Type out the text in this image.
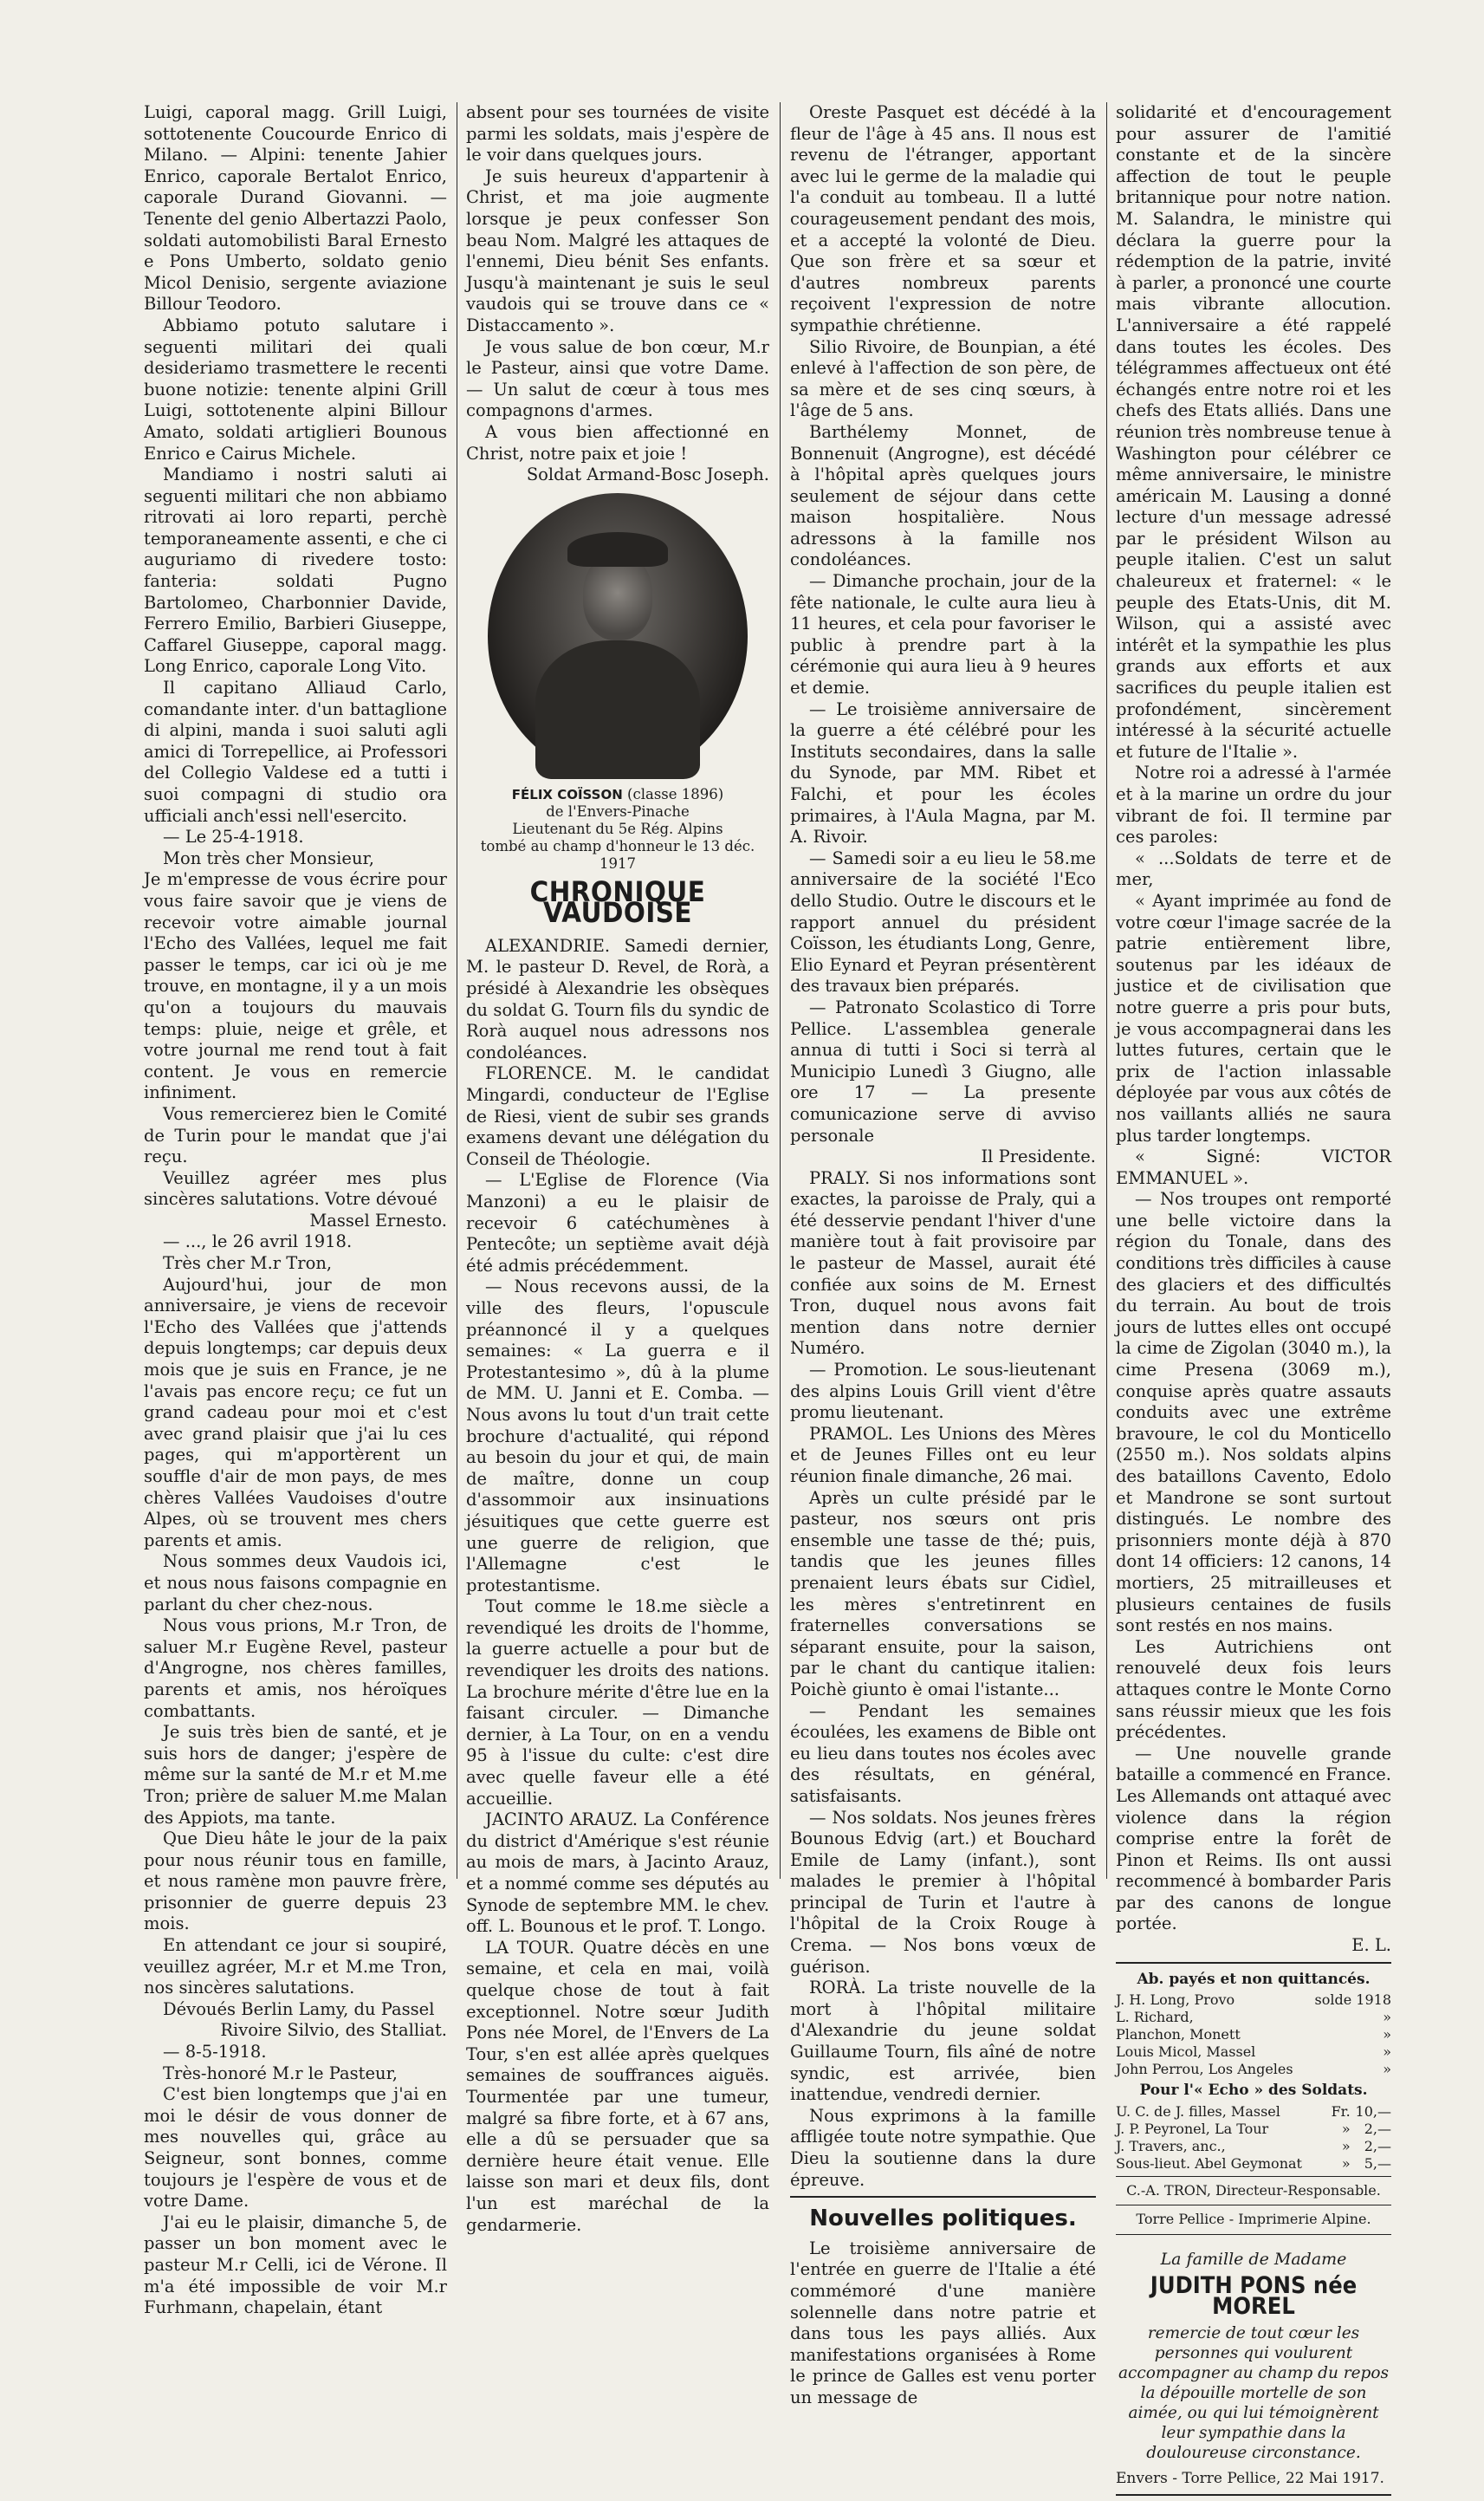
Luigi, caporal magg. Grill Luigi, sottotenente Coucourde Enrico di Milano. — Alpini: tenente Jahier Enrico, caporale Bertalot Enrico, caporale Durand Giovanni. — Tenente del genio Albertazzi Paolo, soldati automobilisti Baral Ernesto e Pons Umberto, soldato genio Micol Denisio, sergente aviazione Billour Teodoro.

Abbiamo potuto salutare i seguenti militari dei quali desideriamo trasmettere le recenti buone notizie: tenente alpini Grill Luigi, sottotenente alpini Billour Amato, soldati artiglieri Bounous Enrico e Cairus Michele.

Mandiamo i nostri saluti ai seguenti militari che non abbiamo ritrovati ai loro reparti, perchè temporaneamente assenti, e che ci auguriamo di rivedere tosto: fanteria: soldati Pugno Bartolomeo, Charbonnier Davide, Ferrero Emilio, Barbieri Giuseppe, Caffarel Giuseppe, caporal magg. Long Enrico, caporale Long Vito.

Il capitano Alliaud Carlo, comandante inter. d'un battaglione di alpini, manda i suoi saluti agli amici di Torrepellice, ai Professori del Collegio Valdese ed a tutti i suoi compagni di studio ora ufficiali anch'essi nell'esercito.

— Le 25-4-1918.

Mon très cher Monsieur,

Je m'empresse de vous écrire pour vous faire savoir que je viens de recevoir votre aimable journal l'Echo des Vallées, lequel me fait passer le temps, car ici où je me trouve, en montagne, il y a un mois qu'on a toujours du mauvais temps: pluie, neige et grêle, et votre journal me rend tout à fait content. Je vous en remercie infiniment.

Vous remercierez bien le Comité de Turin pour le mandat que j'ai reçu.

Veuillez agréer mes plus sincères salutations. Votre dévoué

Massel Ernesto.

— ..., le 26 avril 1918.

Très cher M.r Tron,

Aujourd'hui, jour de mon anniversaire, je viens de recevoir l'Echo des Vallées que j'attends depuis longtemps; car depuis deux mois que je suis en France, je ne l'avais pas encore reçu; ce fut un grand cadeau pour moi et c'est avec grand plaisir que j'ai lu ces pages, qui m'apportèrent un souffle d'air de mon pays, de mes chères Vallées Vaudoises d'outre Alpes, où se trouvent mes chers parents et amis.

Nous sommes deux Vaudois ici, et nous nous faisons compagnie en parlant du cher chez-nous.

Nous vous prions, M.r Tron, de saluer M.r Eugène Revel, pasteur d'Angrogne, nos chères familles, parents et amis, nos héroïques combattants.

Je suis très bien de santé, et je suis hors de danger; j'espère de même sur la santé de M.r et M.me Tron; prière de saluer M.me Malan des Appiots, ma tante.

Que Dieu hâte le jour de la paix pour nous réunir tous en famille, et nous ramène mon pauvre frère, prisonnier de guerre depuis 23 mois.

En attendant ce jour si soupiré, veuillez agréer, M.r et M.me Tron, nos sincères salutations.

Dévoués Berlin Lamy, du Passel

Rivoire Silvio, des Stalliat.

— 8-5-1918.

Très-honoré M.r le Pasteur,

C'est bien longtemps que j'ai en moi le désir de vous donner de mes nouvelles qui, grâce au Seigneur, sont bonnes, comme toujours je l'espère de vous et de votre Dame.

J'ai eu le plaisir, dimanche 5, de passer un bon moment avec le pasteur M.r Celli, ici de Vérone. Il m'a été impossible de voir M.r Furhmann, chapelain, étant

absent pour ses tournées de visite parmi les soldats, mais j'espère de le voir dans quelques jours.

Je suis heureux d'appartenir à Christ, et ma joie augmente lorsque je peux confesser Son beau Nom. Malgré les attaques de l'ennemi, Dieu bénit Ses enfants. Jusqu'à maintenant je suis le seul vaudois qui se trouve dans ce « Distaccamento ».

Je vous salue de bon cœur, M.r le Pasteur, ainsi que votre Dame. — Un salut de cœur à tous mes compagnons d'armes.

A vous bien affectionné en Christ, notre paix et joie !

Soldat Armand-Bosc Joseph.

FÉLIX COÏSSON (classe 1896)
de l'Envers-Pinache
Lieutenant du 5e Rég. Alpins
tombé au champ d'honneur le 13 déc. 1917
CHRONIQUE VAUDOISE

ALEXANDRIE. Samedi dernier, M. le pasteur D. Revel, de Rorà, a présidé à Alexandrie les obsèques du soldat G. Tourn fils du syndic de Rorà auquel nous adressons nos condoléances.

FLORENCE. M. le candidat Mingardi, conducteur de l'Eglise de Riesi, vient de subir ses grands examens devant une délégation du Conseil de Théologie.

— L'Eglise de Florence (Via Manzoni) a eu le plaisir de recevoir 6 catéchumènes à Pentecôte; un septième avait déjà été admis précédemment.

— Nous recevons aussi, de la ville des fleurs, l'opuscule préannoncé il y a quelques semaines: « La guerra e il Protestantesimo », dû à la plume de MM. U. Janni et E. Comba. — Nous avons lu tout d'un trait cette brochure d'actualité, qui répond au besoin du jour et qui, de main de maître, donne un coup d'assommoir aux insinuations jésuitiques que cette guerre est une guerre de religion, que l'Allemagne c'est le protestantisme.

Tout comme le 18.me siècle a revendiqué les droits de l'homme, la guerre actuelle a pour but de revendiquer les droits des nations. La brochure mérite d'être lue en la faisant circuler. — Dimanche dernier, à La Tour, on en a vendu 95 à l'issue du culte: c'est dire avec quelle faveur elle a été accueillie.

JACINTO ARAUZ. La Conférence du district d'Amérique s'est réunie au mois de mars, à Jacinto Arauz, et a nommé comme ses députés au Synode de septembre MM. le chev. off. L. Bounous et le prof. T. Longo.

LA TOUR. Quatre décès en une semaine, et cela en mai, voilà quelque chose de tout à fait exceptionnel. Notre sœur Judith Pons née Morel, de l'Envers de La Tour, s'en est allée après quelques semaines de souffrances aiguës. Tourmentée par une tumeur, malgré sa fibre forte, et à 67 ans, elle a dû se persuader que sa dernière heure était venue. Elle laisse son mari et deux fils, dont l'un est maréchal de la gendarmerie.

Oreste Pasquet est décédé à la fleur de l'âge à 45 ans. Il nous est revenu de l'étranger, apportant avec lui le germe de la maladie qui l'a conduit au tombeau. Il a lutté courageusement pendant des mois, et a accepté la volonté de Dieu. Que son frère et sa sœur et d'autres nombreux parents reçoivent l'expression de notre sympathie chrétienne.

Silio Rivoire, de Bounpian, a été enlevé à l'affection de son père, de sa mère et de ses cinq sœurs, à l'âge de 5 ans.

Barthélemy Monnet, de Bonnenuit (Angrogne), est décédé à l'hôpital après quelques jours seulement de séjour dans cette maison hospitalière. Nous adressons à la famille nos condoléances.

— Dimanche prochain, jour de la fête nationale, le culte aura lieu à 11 heures, et cela pour favoriser le public à prendre part à la cérémonie qui aura lieu à 9 heures et demie.

— Le troisième anniversaire de la guerre a été célébré pour les Instituts secondaires, dans la salle du Synode, par MM. Ribet et Falchi, et pour les écoles primaires, à l'Aula Magna, par M. A. Rivoir.

— Samedi soir a eu lieu le 58.me anniversaire de la société l'Eco dello Studio. Outre le discours et le rapport annuel du président Coïsson, les étudiants Long, Genre, Elio Eynard et Peyran présentèrent des travaux bien préparés.

— Patronato Scolastico di Torre Pellice. L'assemblea generale annua di tutti i Soci si terrà al Municipio Lunedì 3 Giugno, alle ore 17 — La presente comunicazione serve di avviso personale

Il Presidente.

PRALY. Si nos informations sont exactes, la paroisse de Praly, qui a été desservie pendant l'hiver d'une manière tout à fait provisoire par le pasteur de Massel, aurait été confiée aux soins de M. Ernest Tron, duquel nous avons fait mention dans notre dernier Numéro.

— Promotion. Le sous-lieutenant des alpins Louis Grill vient d'être promu lieutenant.

PRAMOL. Les Unions des Mères et de Jeunes Filles ont eu leur réunion finale dimanche, 26 mai.

Après un culte présidé par le pasteur, nos sœurs ont pris ensemble une tasse de thé; puis, tandis que les jeunes filles prenaient leurs ébats sur Cidìel, les mères s'entretinrent en fraternelles conversations se séparant ensuite, pour la saison, par le chant du cantique italien: Poichè giunto è omai l'istante...

— Pendant les semaines écoulées, les examens de Bible ont eu lieu dans toutes nos écoles avec des résultats, en général, satisfaisants.

— Nos soldats. Nos jeunes frères Bounous Edvig (art.) et Bouchard Emile de Lamy (infant.), sont malades le premier à l'hôpital principal de Turin et l'autre à l'hôpital de la Croix Rouge à Crema. — Nos bons vœux de guérison.

RORÀ. La triste nouvelle de la mort à l'hôpital militaire d'Alexandrie du jeune soldat Guillaume Tourn, fils aîné de notre syndic, est arrivée, bien inattendue, vendredi dernier.

Nous exprimons à la famille affligée toute notre sympathie. Que Dieu la soutienne dans la dure épreuve.

Nouvelles politiques.

Le troisième anniversaire de l'entrée en guerre de l'Italie a été commémoré d'une manière solennelle dans notre patrie et dans tous les pays alliés. Aux manifestations organisées à Rome le prince de Galles est venu porter un message de

solidarité et d'encouragement pour assurer de l'amitié constante et de la sincère affection de tout le peuple britannique pour notre nation. M. Salandra, le ministre qui déclara la guerre pour la rédemption de la patrie, invité à parler, a prononcé une courte mais vibrante allocution. L'anniversaire a été rappelé dans toutes les écoles. Des télégrammes affectueux ont été échangés entre notre roi et les chefs des Etats alliés. Dans une réunion très nombreuse tenue à Washington pour célébrer ce même anniversaire, le ministre américain M. Lausing a donné lecture d'un message adressé par le président Wilson au peuple italien. C'est un salut chaleureux et fraternel: « le peuple des Etats-Unis, dit M. Wilson, qui a assisté avec intérêt et la sympathie les plus grands aux efforts et aux sacrifices du peuple italien est profondément, sincèrement intéressé à la sécurité actuelle et future de l'Italie ».

Notre roi a adressé à l'armée et à la marine un ordre du jour vibrant de foi. Il termine par ces paroles:

« ...Soldats de terre et de mer,

« Ayant imprimée au fond de votre cœur l'image sacrée de la patrie entièrement libre, soutenus par les idéaux de justice et de civilisation que notre guerre a pris pour buts, je vous accompagnerai dans les luttes futures, certain que le prix de l'action inlassable déployée par vous aux côtés de nos vaillants alliés ne saura plus tarder longtemps.

« Signé: VICTOR EMMANUEL ».

— Nos troupes ont remporté une belle victoire dans la région du Tonale, dans des conditions très difficiles à cause des glaciers et des difficultés du terrain. Au bout de trois jours de luttes elles ont occupé la cime de Zigolan (3040 m.), la cime Presena (3069 m.), conquise après quatre assauts conduits avec une extrême bravoure, le col du Monticello (2550 m.). Nos soldats alpins des bataillons Cavento, Edolo et Mandrone se sont surtout distingués. Le nombre des prisonniers monte déjà à 870 dont 14 officiers: 12 canons, 14 mortiers, 25 mitrailleuses et plusieurs centaines de fusils sont restés en nos mains.

Les Autrichiens ont renouvelé deux fois leurs attaques contre le Monte Corno sans réussir mieux que les fois précédentes.

— Une nouvelle grande bataille a commencé en France. Les Allemands ont attaqué avec violence dans la région comprise entre la forêt de Pinon et Reims. Ils ont aussi recommencé à bombarder Paris par des canons de longue portée.

E. L.

Ab. payés et non quittancés.
J. H. Long, Provo	solde 1918
L. Richard,	»
Planchon, Monett	»
Louis Micol, Massel	»
John Perrou, Los Angeles	»
Pour l'« Echo » des Soldats.
U. C. de J. filles, Massel	Fr.	10,—
J. P. Peyronel, La Tour	»	2,—
J. Travers, anc.,	»	2,—
Sous-lieut. Abel Geymonat	»	5,—

C.-A. TRON, Directeur-Responsable.

Torre Pellice - Imprimerie Alpine.

La famille de Madame
JUDITH PONS née MOREL
remercie de tout cœur les personnes qui voulurent accompagner au champ du repos la dépouille mortelle de son aimée, ou qui lui témoignèrent leur sympathie dans la douloureuse circonstance.
Envers - Torre Pellice, 22 Mai 1917.
